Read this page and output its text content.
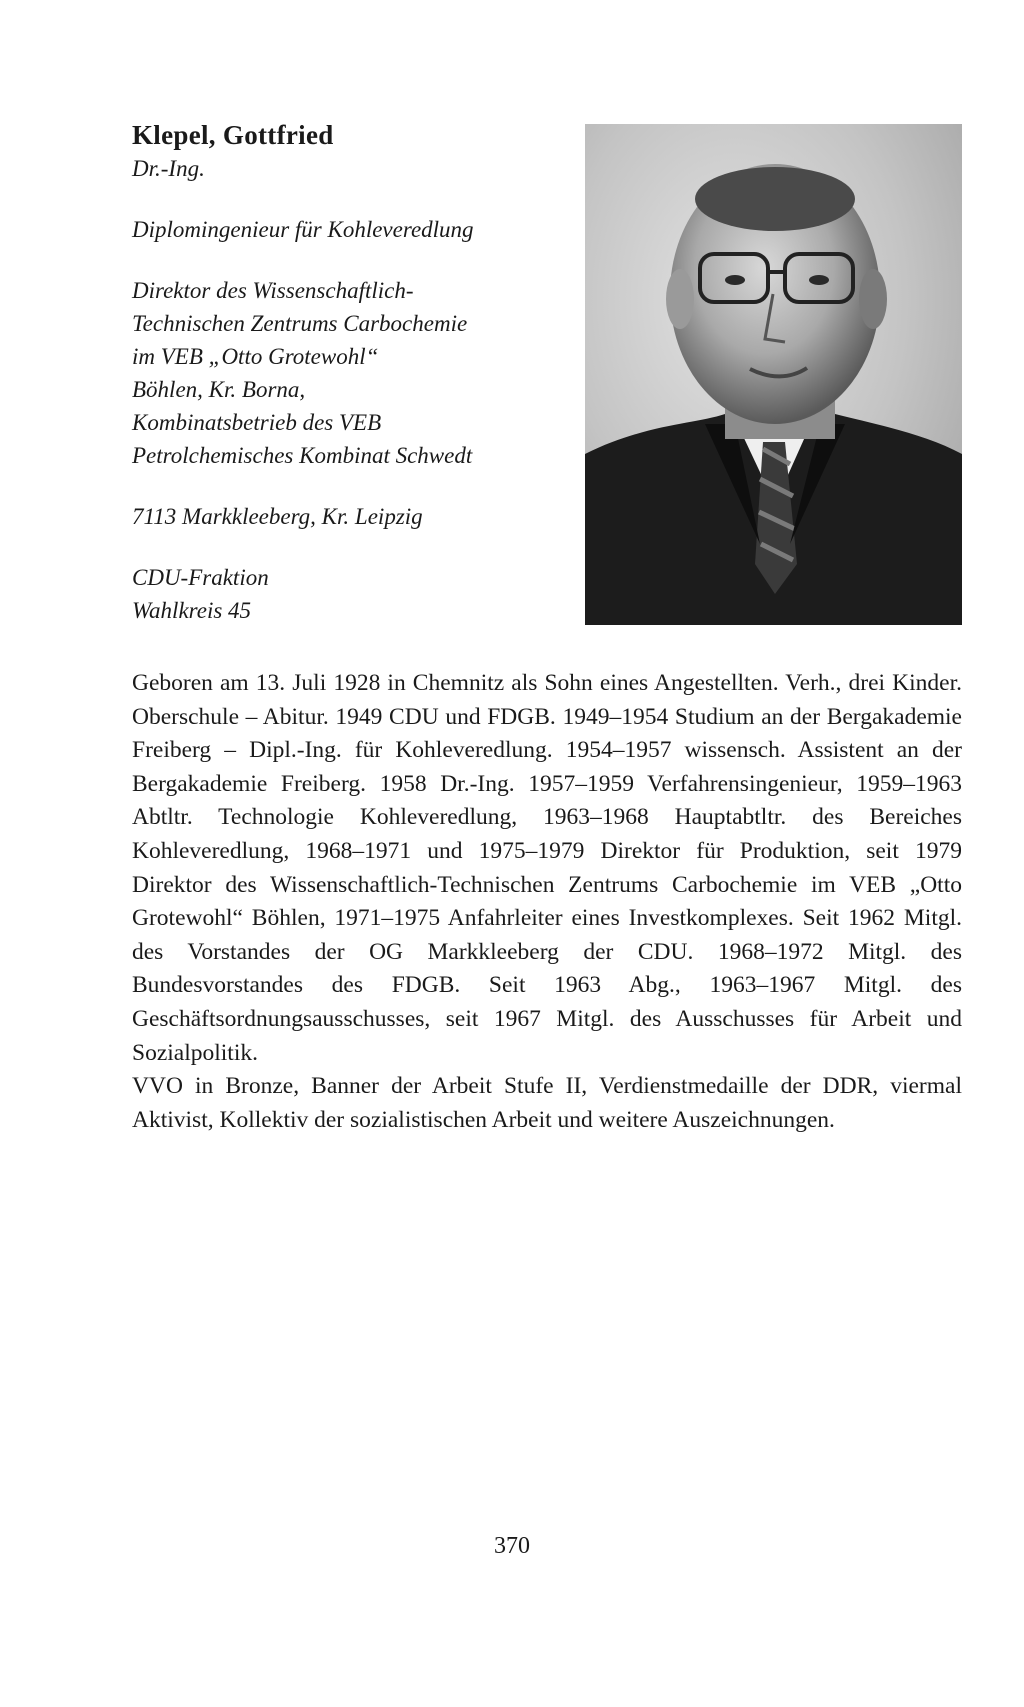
Klepel, Gottfried

Dr.-Ing.

Diplomingenieur für Kohleveredlung

Direktor des Wissenschaftlich-

Technischen Zentrums Carbochemie

im VEB „Otto Grotewohl“

Böhlen, Kr. Borna,

Kombinatsbetrieb des VEB

Petrolchemisches Kombinat Schwedt

7113 Markkleeberg, Kr. Leipzig

CDU-Fraktion

Wahlkreis 45

Geboren am 13. Juli 1928 in Chemnitz als Sohn eines Angestellten. Verh., drei Kinder. Oberschule – Abitur. 1949 CDU und FDGB. 1949–1954 Studium an der Bergakademie Freiberg – Dipl.-Ing. für Kohleveredlung. 1954–1957 wissensch. Assistent an der Bergakademie Freiberg. 1958 Dr.-Ing. 1957–1959 Verfahrensingenieur, 1959–1963 Abtltr. Technologie Kohleveredlung, 1963–1968 Hauptabtltr. des Bereiches Kohleveredlung, 1968–1971 und 1975–1979 Direktor für Produktion, seit 1979 Direktor des Wissenschaftlich-Technischen Zentrums Carbochemie im VEB „Otto Grotewohl“ Böhlen, 1971–1975 Anfahrleiter eines Investkomplexes. Seit 1962 Mitgl. des Vorstandes der OG Markkleeberg der CDU. 1968–1972 Mitgl. des Bundesvorstandes des FDGB. Seit 1963 Abg., 1963–1967 Mitgl. des Geschäftsordnungsausschusses, seit 1967 Mitgl. des Ausschusses für Arbeit und Sozialpolitik.

VVO in Bronze, Banner der Arbeit Stufe II, Verdienstmedaille der DDR, viermal Aktivist, Kollektiv der sozialistischen Arbeit und weitere Auszeichnungen.

370
